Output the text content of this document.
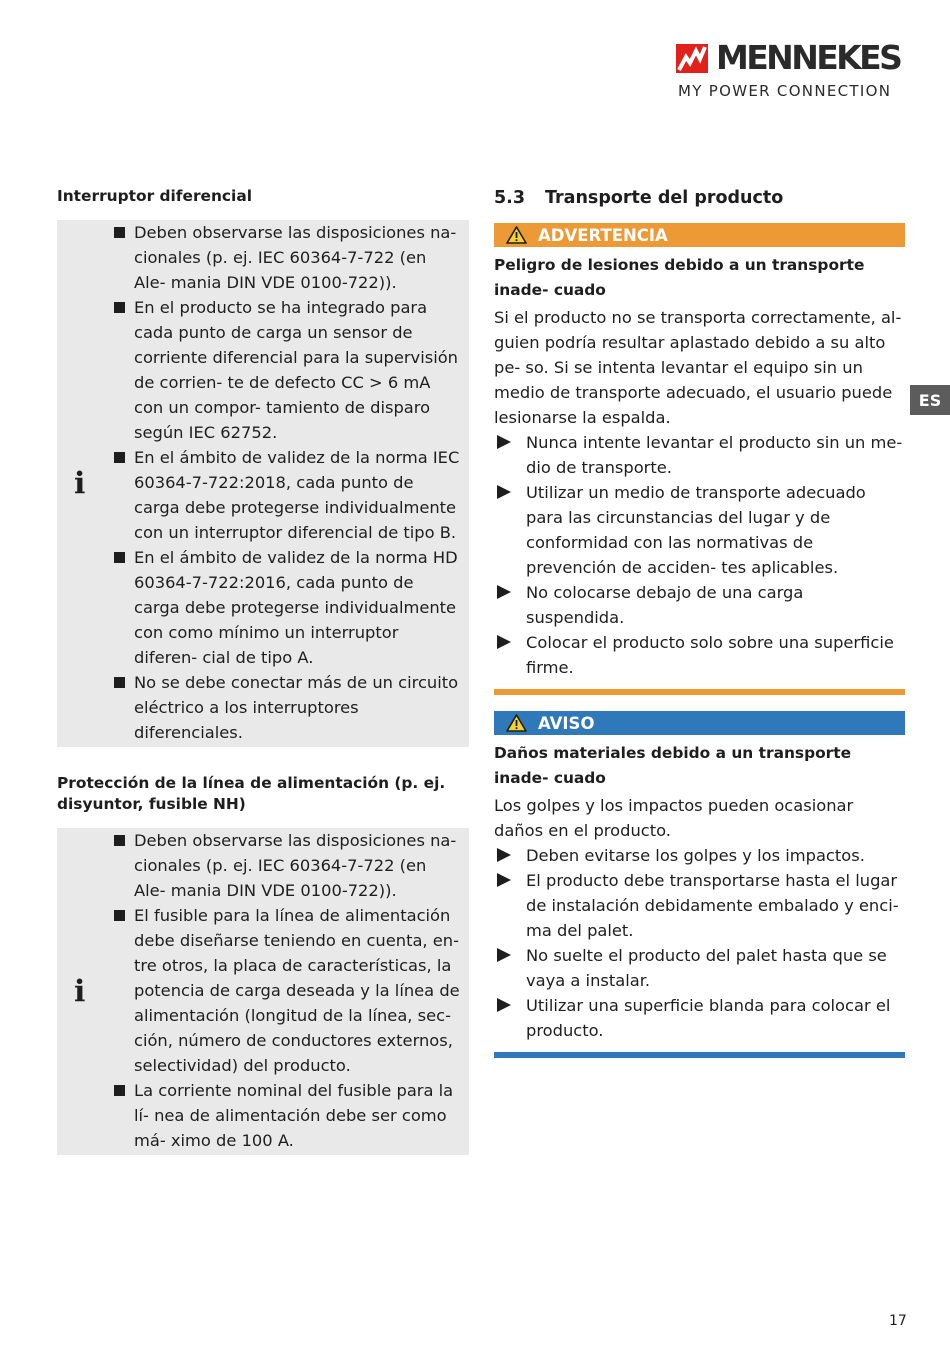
MENNEKES
MY POWER CONNECTION
ES
Interruptor diferencial
i
Deben observarse las disposiciones na- cionales (p. ej. IEC 60364-7-722 (en Ale- mania DIN VDE 0100-722)).
En el producto se ha integrado para cada punto de carga un sensor de corriente diferencial para la supervisión de corrien- te de defecto CC > 6 mA con un compor- tamiento de disparo según IEC 62752.
En el ámbito de validez de la norma IEC 60364-7-722:2018, cada punto de carga debe protegerse individualmente con un interruptor diferencial de tipo B.
En el ámbito de validez de la norma HD 60364-7-722:2016, cada punto de carga debe protegerse individualmente con como mínimo un interruptor diferen- cial de tipo A.
No se debe conectar más de un circuito eléctrico a los interruptores diferenciales.
Protección de la línea de alimentación (p. ej. disyuntor, fusible NH)
i
Deben observarse las disposiciones na- cionales (p. ej. IEC 60364-7-722 (en Ale- mania DIN VDE 0100-722)).
El fusible para la línea de alimentación debe diseñarse teniendo en cuenta, en- tre otros, la placa de características, la potencia de carga deseada y la línea de alimentación (longitud de la línea, sec- ción, número de conductores externos, selectividad) del producto.
La corriente nominal del fusible para la lí- nea de alimentación debe ser como má- ximo de 100 A.
5.3 Transporte del producto
ADVERTENCIA
Peligro de lesiones debido a un transporte inade- cuado
Si el producto no se transporta correctamente, al- guien podría resultar aplastado debido a su alto pe- so. Si se intenta levantar el equipo sin un medio de transporte adecuado, el usuario puede lesionarse la espalda.
Nunca intente levantar el producto sin un me- dio de transporte.
Utilizar un medio de transporte adecuado para las circunstancias del lugar y de conformidad con las normativas de prevención de acciden- tes aplicables.
No colocarse debajo de una carga suspendida.
Colocar el producto solo sobre una superficie firme.
AVISO
Daños materiales debido a un transporte inade- cuado
Los golpes y los impactos pueden ocasionar daños en el producto.
Deben evitarse los golpes y los impactos.
El producto debe transportarse hasta el lugar de instalación debidamente embalado y enci- ma del palet.
No suelte el producto del palet hasta que se vaya a instalar.
Utilizar una superficie blanda para colocar el producto.
17
